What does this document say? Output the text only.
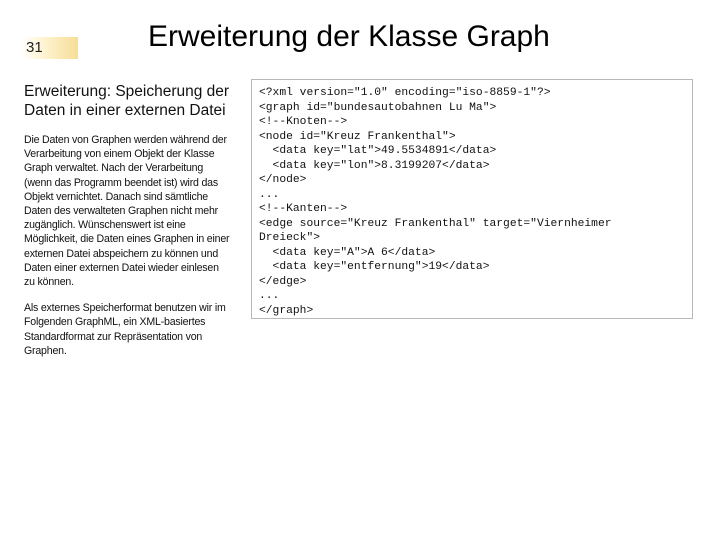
31	Erweiterung der Klasse Graph

Erweiterung: Speicherung der Daten in einer externen Datei

Die Daten von Graphen werden während der Verarbeitung von einem Objekt der Klasse Graph verwaltet. Nach der Verarbeitung (wenn das Programm beendet ist) wird das Objekt vernichtet. Danach sind sämtliche Daten des verwalteten Graphen nicht mehr zugänglich. Wünschenswert ist eine Möglichkeit, die Daten eines Graphen in einer externen Datei abspeichern zu können und Daten einer externen Datei wieder einlesen zu können.

Als externes Speicherformat benutzen wir im Folgenden GraphML, ein XML-basiertes Standardformat zur Repräsentation von Graphen.

<?xml version="1.0" encoding="iso-8859-1"?>
<graph id="bundesautobahnen Lu Ma">
<!--Knoten-->
<node id="Kreuz Frankenthal">
<data key="lat">49.5534891</data>
<data key="lon">8.3199207</data>
</node>
...
<!--Kanten-->
<edge source="Kreuz Frankenthal" target="Viernheimer
Dreieck">
<data key="A">A 6</data>
<data key="entfernung">19</data>
</edge>
...
</graph>
